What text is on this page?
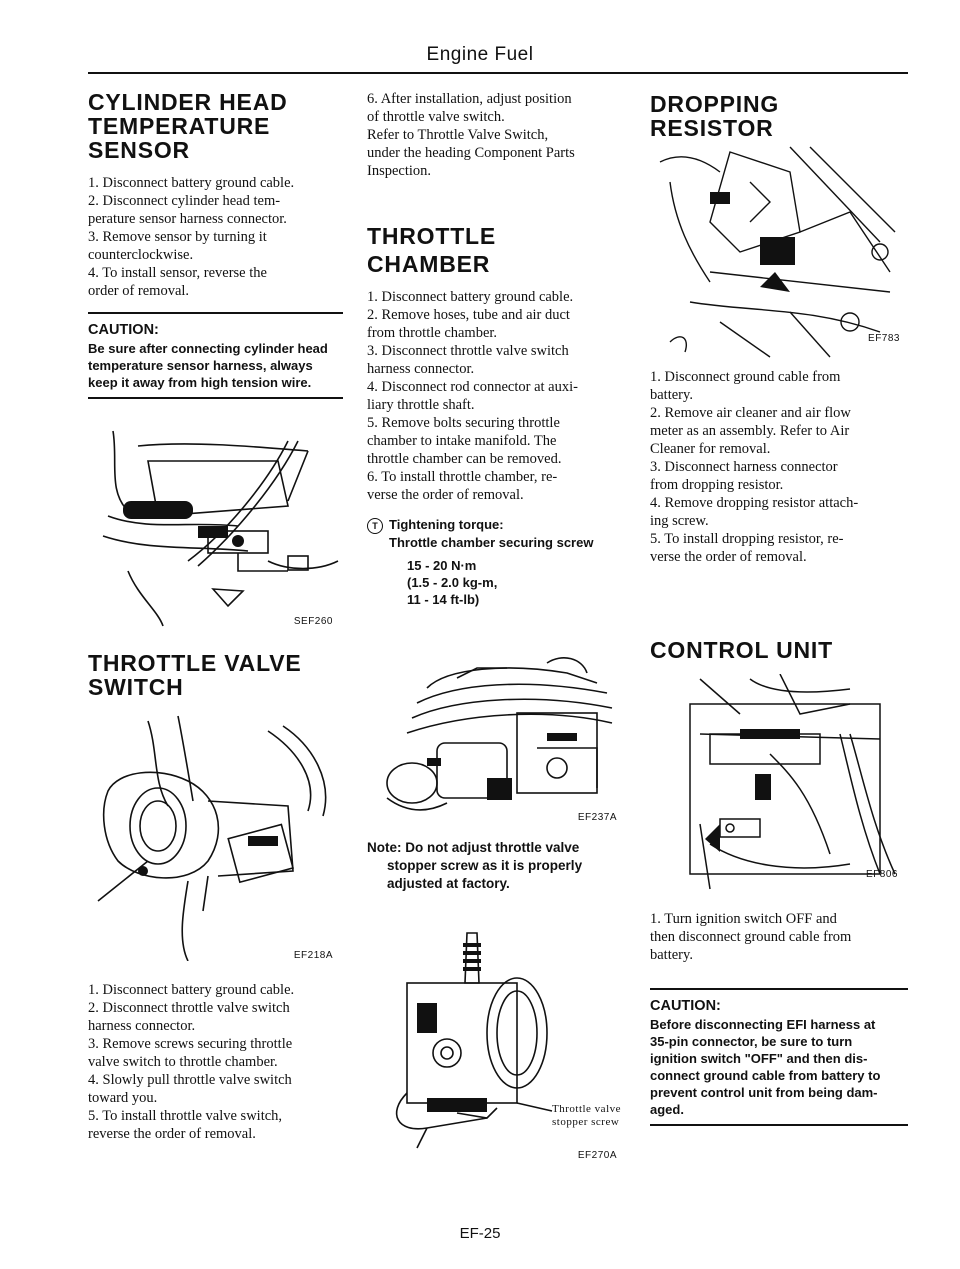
Engine Fuel

CYLINDER HEAD

TEMPERATURE

SENSOR

1. Disconnect battery ground cable.

2. Disconnect cylinder head tem-

perature sensor harness connector.

3. Remove sensor by turning it

counterclockwise.

4. To install sensor, reverse the

order of removal.

CAUTION:

Be sure after connecting cylinder head

temperature sensor harness, always

keep it away from high tension wire.

SEF260

THROTTLE VALVE

SWITCH

EF218A

1. Disconnect battery ground cable.

2. Disconnect throttle valve switch

harness connector.

3. Remove screws securing throttle

valve switch to throttle chamber.

4. Slowly pull throttle valve switch

toward you.

5. To install throttle valve switch,

reverse the order of removal.

6. After installation, adjust position

of throttle valve switch.

Refer to Throttle Valve Switch,

under the heading Component Parts

Inspection.

THROTTLE

CHAMBER

1. Disconnect battery ground cable.

2. Remove hoses, tube and air duct

from throttle chamber.

3. Disconnect throttle valve switch

harness connector.

4. Disconnect rod connector at auxi-

liary throttle shaft.

5. Remove bolts securing throttle

chamber to intake manifold. The

throttle chamber can be removed.

6. To install throttle chamber, re-

verse the order of removal.

T Tightening torque:
Throttle chamber securing screw
15 - 20 N·m
(1.5 - 2.0 kg-m,
11 - 14 ft-lb)
EF237A
Note: Do not adjust throttle valve
stopper screw as it is properly
adjusted at factory.
Throttle valve
stopper screw
EF270A

DROPPING

RESISTOR

EF783

1. Disconnect ground cable from

battery.

2. Remove air cleaner and air flow

meter as an assembly. Refer to Air

Cleaner for removal.

3. Disconnect harness connector

from dropping resistor.

4. Remove dropping resistor attach-

ing screw.

5. To install dropping resistor, re-

verse the order of removal.

CONTROL UNIT

EF806

1. Turn ignition switch OFF and

then disconnect ground cable from

battery.

CAUTION:

Before disconnecting EFI harness at

35-pin connector, be sure to turn

ignition switch "OFF" and then dis-

connect ground cable from battery to

prevent control unit from being dam-

aged.

EF-25
